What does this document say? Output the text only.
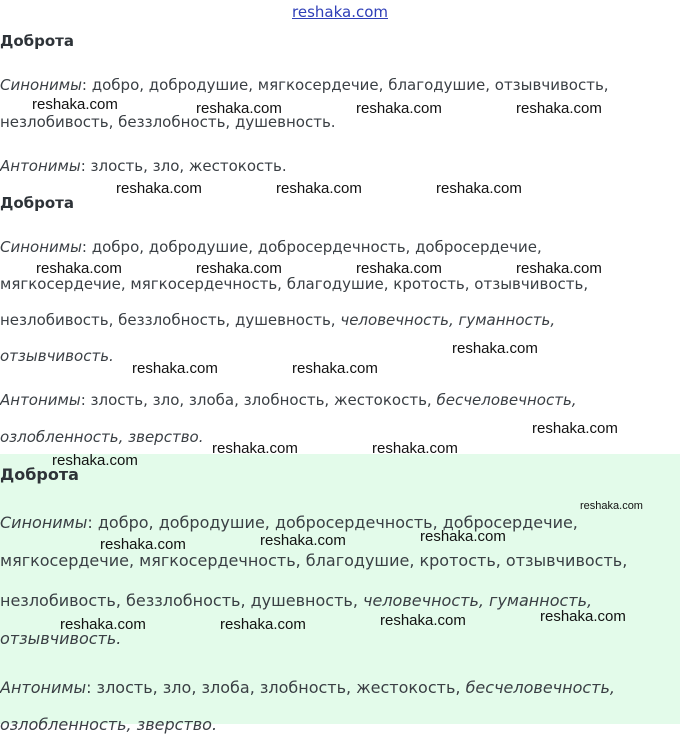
reshaka.com
Доброта
Синонимы: добро, добродушие, мягкосердечие, благодушие, отзывчивость,
незлобивость, беззлобность, душевность.
Антонимы: злость, зло, жестокость.
Доброта
Синонимы: добро, добродушие, добросердечность, добросердечие,
мягкосердечие, мягкосердечность, благодушие, кротость, отзывчивость,
незлобивость, беззлобность, душевность, человечность, гуманность,
отзывчивость.
Антонимы: злость, зло, злоба, злобность, жестокость, бесчеловечность,
озлобленность, зверство.
Доброта
Синонимы: добро, добродушие, добросердечность, добросердечие,
мягкосердечие, мягкосердечность, благодушие, кротость, отзывчивость,
незлобивость, беззлобность, душевность, человечность, гуманность,
отзывчивость.
Антонимы: злость, зло, злоба, злобность, жестокость, бесчеловечность,
озлобленность, зверство.
reshaka.com	reshaka.com	reshaka.com	reshaka.com
reshaka.com	reshaka.com	reshaka.com
reshaka.com	reshaka.com	reshaka.com	reshaka.com
reshaka.com
reshaka.com	reshaka.com
reshaka.com
reshaka.com	reshaka.com
reshaka.com
reshaka.com	reshaka.com	reshaka.com
reshaka.com	reshaka.com	reshaka.com	reshaka.com
reshaka.com
